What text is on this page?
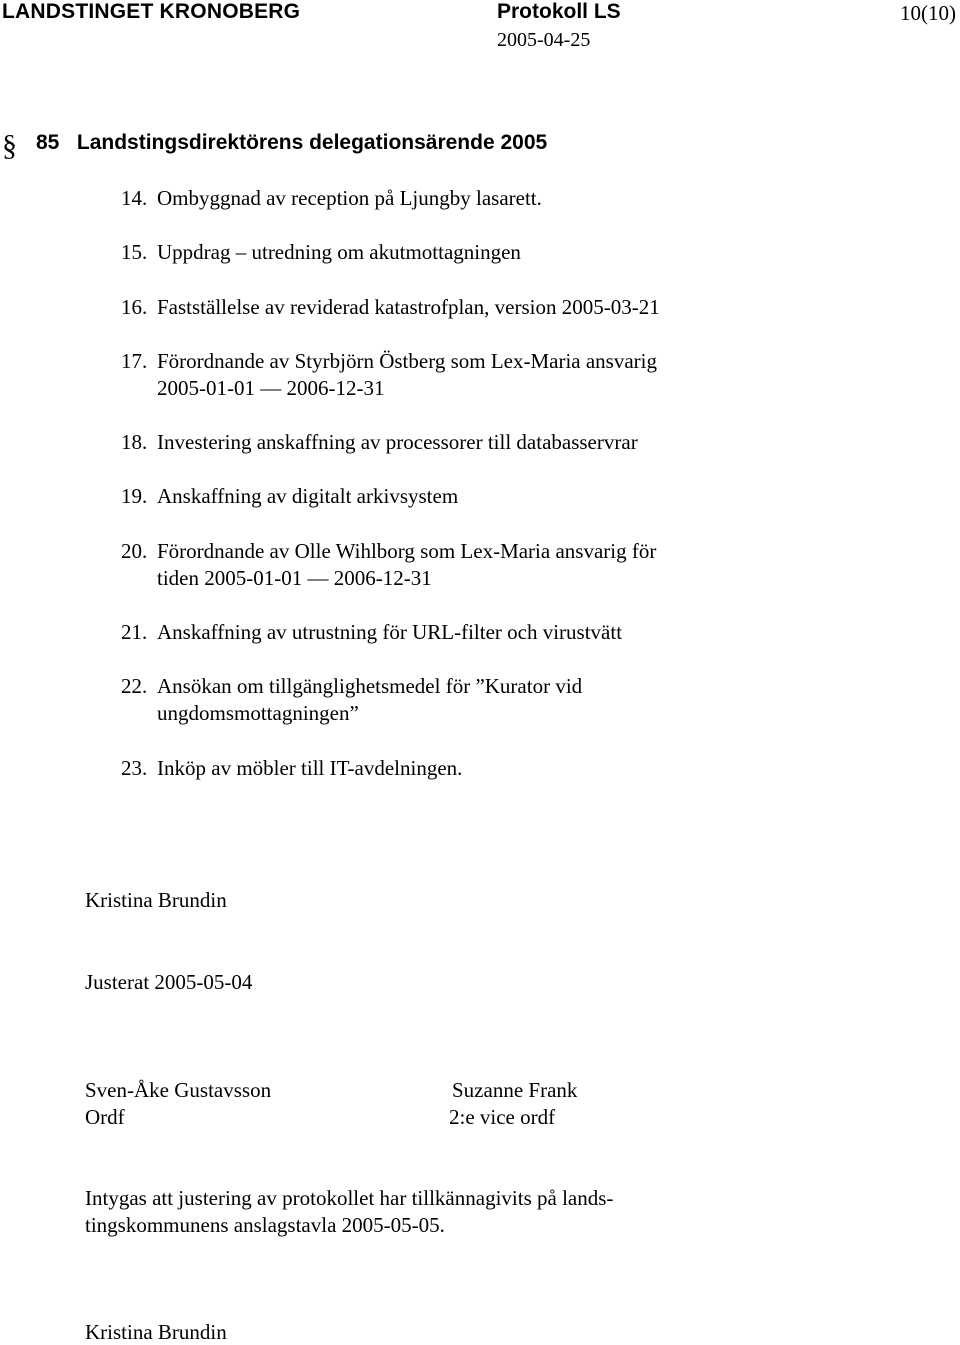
LANDSTINGET KRONOBERG	Protokoll LS
2005-04-25
10(10)
§ 85 Landstingsdirektörens delegationsärende 2005
14. Ombyggnad av reception på Ljungby lasarett.
15. Uppdrag – utredning om akutmottagningen
16. Fastställelse av reviderad katastrofplan, version 2005-03-21
17. Förordnande av Styrbjörn Östberg som Lex-Maria ansvarig
2005-01-01 — 2006-12-31
18. Investering anskaffning av processorer till databasservrar
19. Anskaffning av digitalt arkivsystem
20. Förordnande av Olle Wihlborg som Lex-Maria ansvarig för
tiden 2005-01-01 — 2006-12-31
21. Anskaffning av utrustning för URL-filter och virustvätt
22. Ansökan om tillgänglighetsmedel för ”Kurator vid
ungdomsmottagningen”
23. Inköp av möbler till IT-avdelningen.
Kristina Brundin
Justerat 2005-05-04
Sven-Åke Gustavsson
Ordf
Suzanne Frank
2:e vice ordf
Intygas att justering av protokollet har tillkännagivits på lands-
tingskommunens anslagstavla 2005-05-05.
Kristina Brundin
